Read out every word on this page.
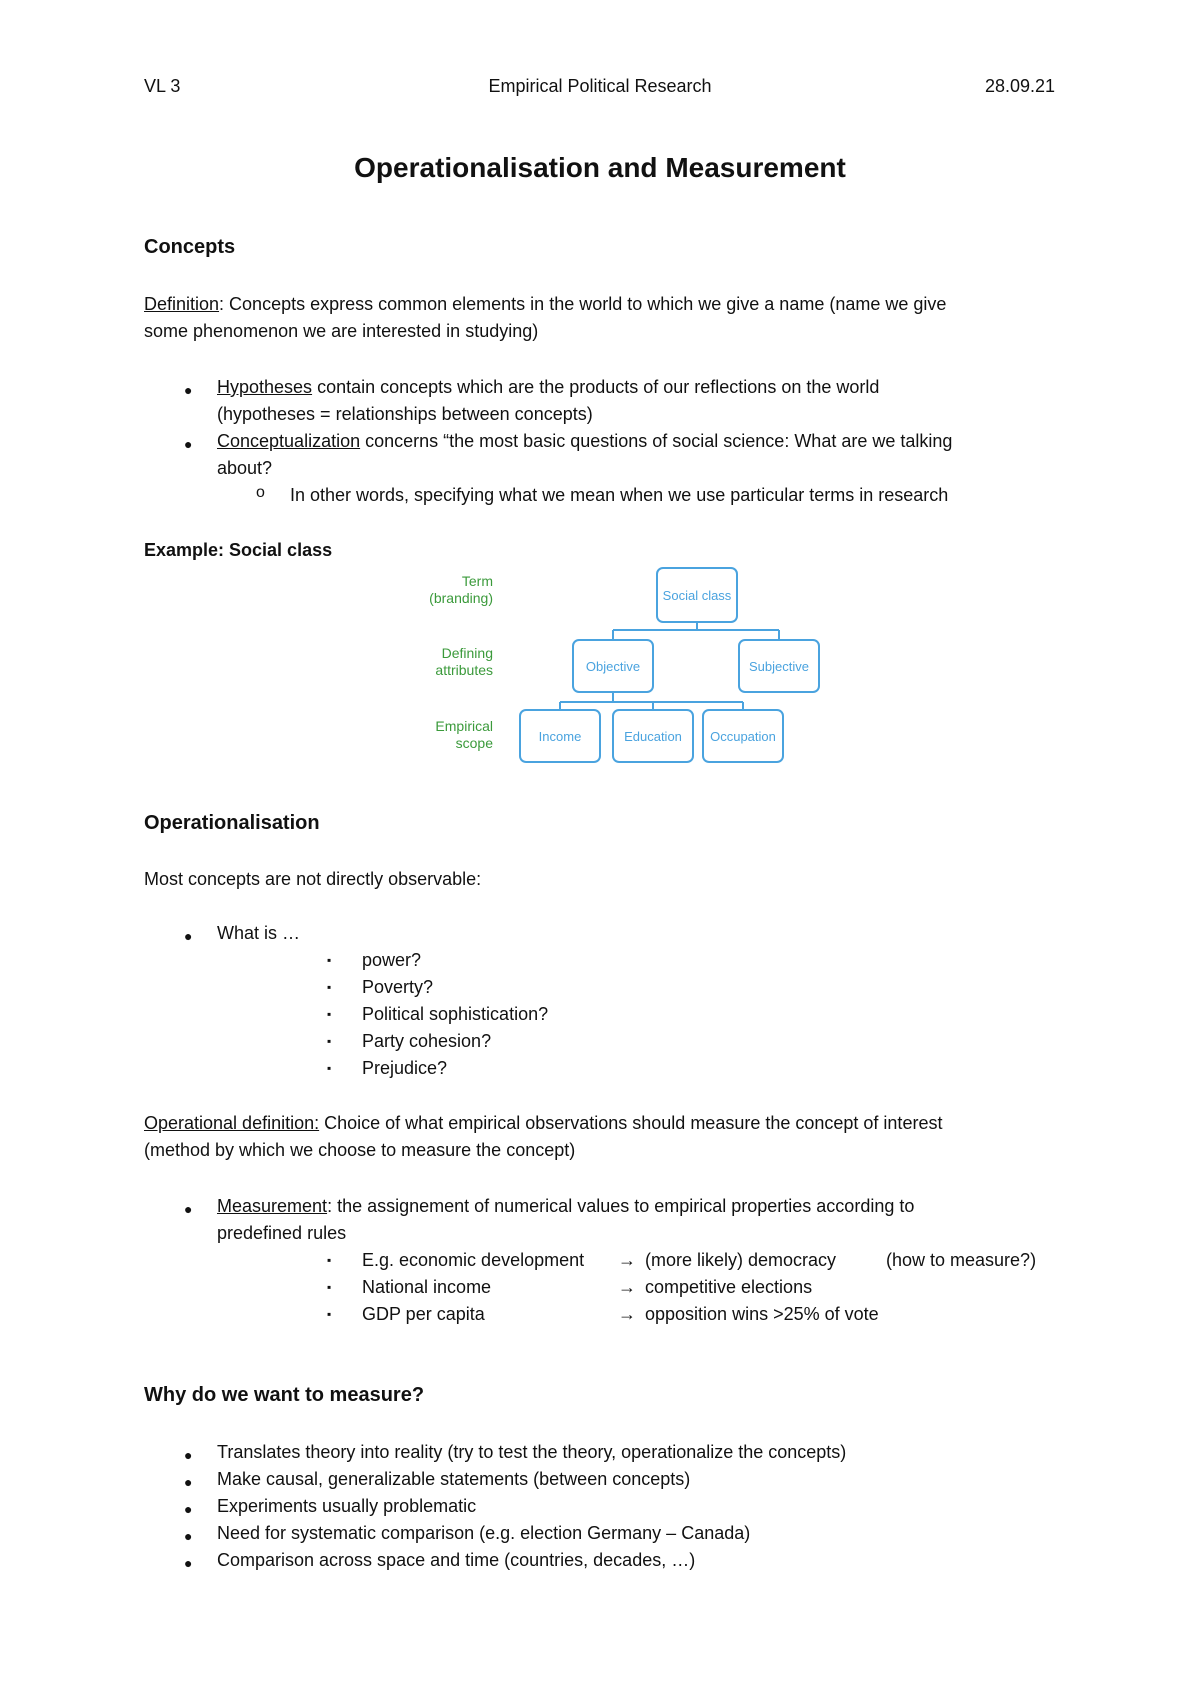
VL 3	Empirical Political Research	28.09.21
Operationalisation and Measurement
Concepts
Definition: Concepts express common elements in the world to which we give a name (name we give
some phenomenon we are interested in studying)
● Hypotheses contain concepts which are the products of our reflections on the world
(hypotheses = relationships between concepts)
● Conceptualization concerns “the most basic questions of social science: What are we talking
about?
o In other words, specifying what we mean when we use particular terms in research
Example: Social class
Term
(branding)
Defining
attributes
Empirical
scope
Social class
Objective	Subjective
Income	Education Occupation
Operationalisation
Most concepts are not directly observable:
● What is …
▪ power?
▪ Poverty?
▪ Political sophistication?
▪ Party cohesion?
▪ Prejudice?
Operational definition: Choice of what empirical observations should measure the concept of interest
(method by which we choose to measure the concept)
● Measurement: the assignement of numerical values to empirical properties according to
predefined rules
▪ E.g. economic development → (more likely) democracy	(how to measure?)
▪ National income	→ competitive elections
▪ GDP per capita	→ opposition wins >25% of vote
Why do we want to measure?
● Translates theory into reality (try to test the theory, operationalize the concepts)
● Make causal, generalizable statements (between concepts)
● Experiments usually problematic
● Need for systematic comparison (e.g. election Germany – Canada)
● Comparison across space and time (countries, decades, …)
